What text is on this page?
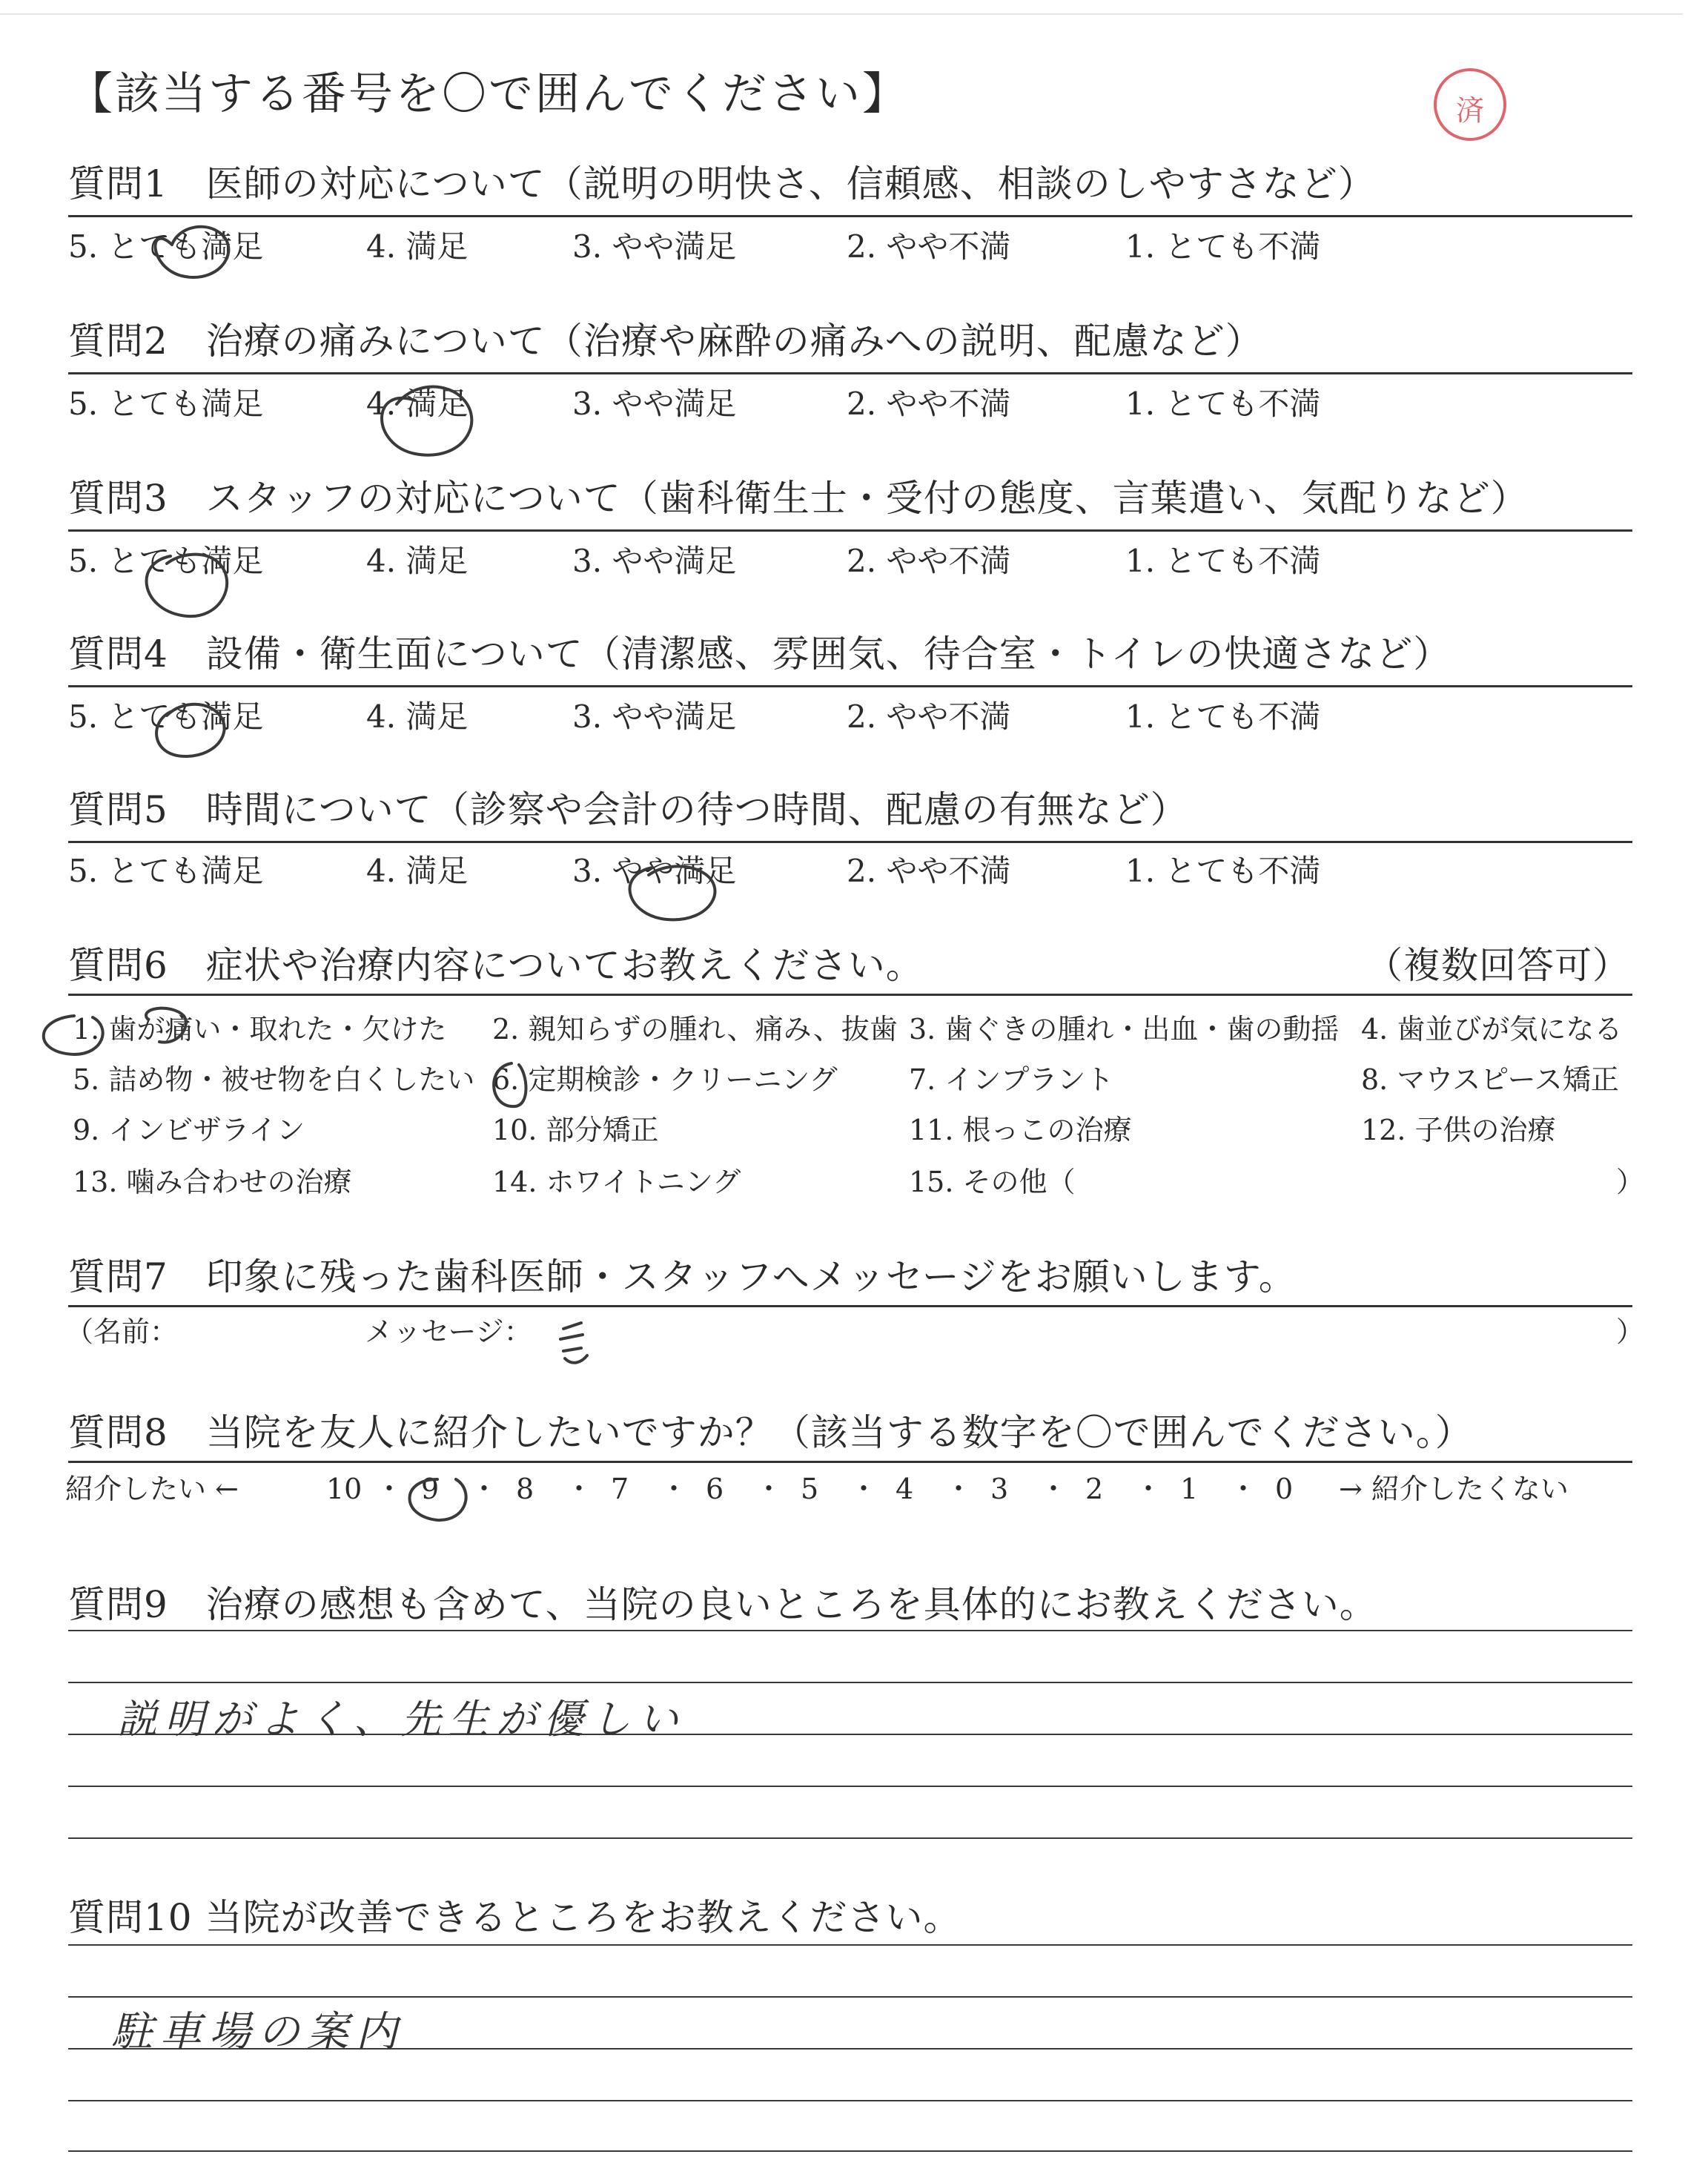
【該当する番号を〇で囲んでください】	済
質問1　医師の対応について（説明の明快さ、信頼感、相談のしやすさなど）
5. とても満足	4. 満足	3. やや満足	2. やや不満	1. とても不満
質問2　治療の痛みについて（治療や麻酔の痛みへの説明、配慮など）
5. とても満足	4. 満足	3. やや満足	2. やや不満	1. とても不満
質問3　スタッフの対応について（歯科衛生士・受付の態度、言葉遣い、気配りなど）
5. とても満足	4. 満足	3. やや満足	2. やや不満	1. とても不満
質問4　設備・衛生面について（清潔感、雰囲気、待合室・トイレの快適さなど）
5. とても満足	4. 満足	3. やや満足	2. やや不満	1. とても不満
質問5　時間について（診察や会計の待つ時間、配慮の有無など）
5. とても満足	4. 満足	3. やや満足	2. やや不満	1. とても不満
質問6　症状や治療内容についてお教えください。	（複数回答可）
1. 歯が痛い・取れた・欠けた 2. 親知らずの腫れ、痛み、抜歯 3. 歯ぐきの腫れ・出血・歯の動揺 4. 歯並びが気になる
5. 詰め物・被せ物を白くしたい 6. 定期検診・クリーニング	7. インプラント	8. マウスピース矯正
9. インビザライン	10. 部分矯正	11. 根っこの治療	12. 子供の治療
13. 噛み合わせの治療	14. ホワイトニング	15. その他（	）
質問7　印象に残った歯科医師・スタッフへメッセージをお願いします。
（名前：	メッセージ：	）
質問8　当院を友人に紹介したいですか？（該当する数字を〇で囲んでください。）
紹介したい ←	→ 紹介したくない
10 ・ 9 ・ 8 ・ 7 ・ 6 ・ 5 ・ 4 ・ 3 ・ 2 ・ 1 ・ 0
質問9　治療の感想も含めて、当院の良いところを具体的にお教えください。
説明がよく、先生が優しい
質問10 当院が改善できるところをお教えください。
駐車場の案内
